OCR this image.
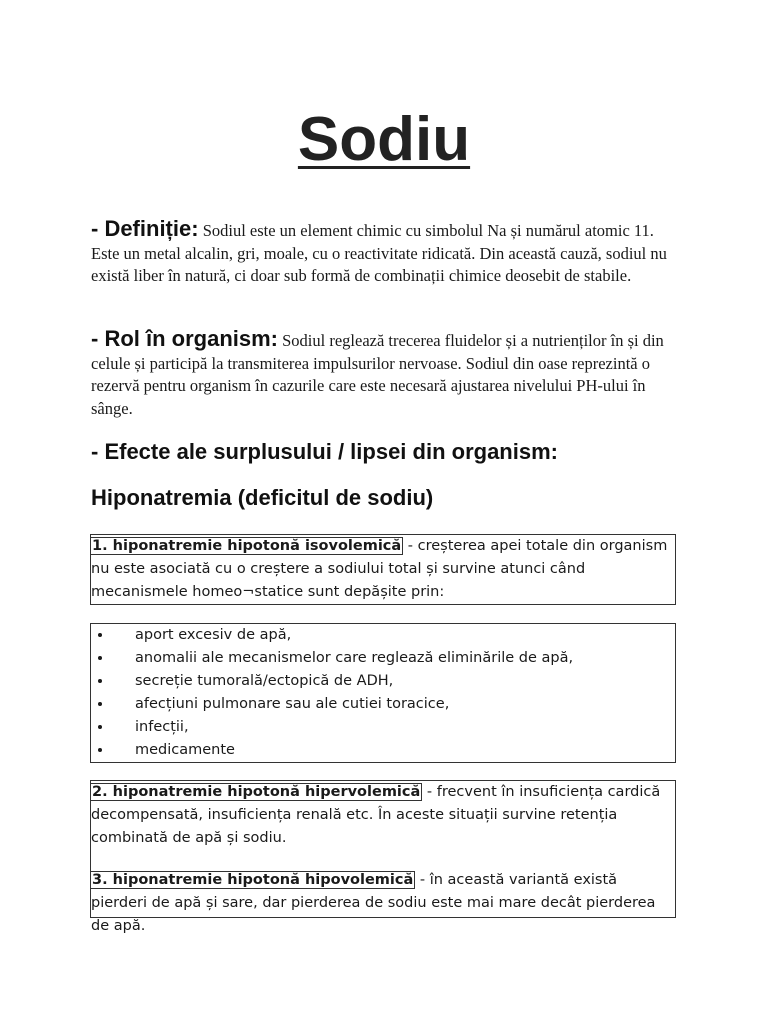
Sodiu

- Definiție: Sodiul este un element chimic cu simbolul Na și numărul atomic 11. Este un metal alcalin, gri, moale, cu o reactivitate ridicată. Din această cauză, sodiul nu există liber în natură, ci doar sub formă de combinații chimice deosebit de stabile.

- Rol în organism: Sodiul reglează trecerea fluidelor și a nutrienților în și din celule și participă la transmiterea impulsurilor nervoase. Sodiul din oase reprezintă o rezervă pentru organism în cazurile care este necesară ajustarea nivelului PH-ului în sânge.

- Efecte ale surplusului / lipsei din organism:
Hiponatremia (deficitul de sodiu)

1. hiponatremie hipotonă isovolemică - creșterea apei totale din organism nu este asociată cu o creștere a sodiului total și survine atunci când mecanismele homeo¬statice sunt depășite prin:

• aport excesiv de apă,
• anomalii ale mecanismelor care reglează eliminările de apă,
• secreție tumorală/ectopică de ADH,
• afecțiuni pulmonare sau ale cutiei toracice,
• infecții,
• medicamente

2. hiponatremie hipotonă hipervolemică - frecvent în insuficiența cardică decompensată, insuficiența renală etc. În aceste situații survine retenția combinată de apă și sodiu.

3. hiponatremie hipotonă hipovolemică - în această variantă există pierderi de apă și sare, dar pierderea de sodiu este mai mare decât pierderea de apă.
